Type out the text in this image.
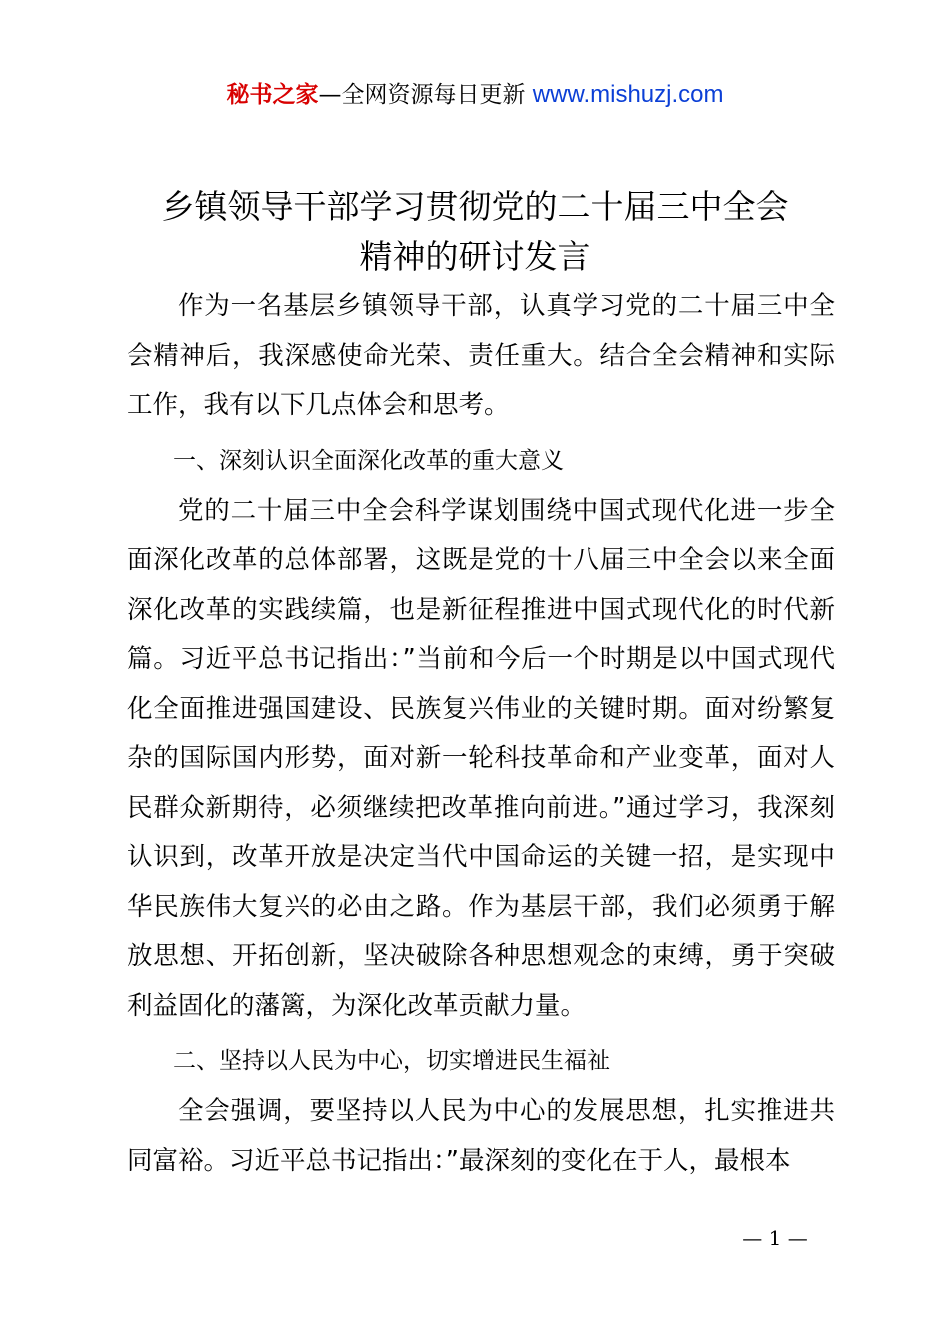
秘书之家—全网资源每日更新 www.mishuzj.com
乡镇领导干部学习贯彻党的二十届三中全会
精神的研讨发言

作为一名基层乡镇领导干部，认真学习党的二十届三中全会精神后，我深感使命光荣、责任重大。结合全会精神和实际工作，我有以下几点体会和思考。

一、深刻认识全面深化改革的重大意义

党的二十届三中全会科学谋划围绕中国式现代化进一步全面深化改革的总体部署，这既是党的十八届三中全会以来全面深化改革的实践续篇，也是新征程推进中国式现代化的时代新篇。习近平总书记指出：”当前和今后一个时期是以中国式现代化全面推进强国建设、民族复兴伟业的关键时期。面对纷繁复杂的国际国内形势，面对新一轮科技革命和产业变革，面对人民群众新期待，必须继续把改革推向前进。”通过学习，我深刻认识到，改革开放是决定当代中国命运的关键一招，是实现中华民族伟大复兴的必由之路。作为基层干部，我们必须勇于解放思想、开拓创新，坚决破除各种思想观念的束缚，勇于突破利益固化的藩篱，为深化改革贡献力量。

二、坚持以人民为中心，切实增进民生福祉

全会强调，要坚持以人民为中心的发展思想，扎实推进共同富裕。习近平总书记指出：”最深刻的变化在于人，最根本

— 1 —
